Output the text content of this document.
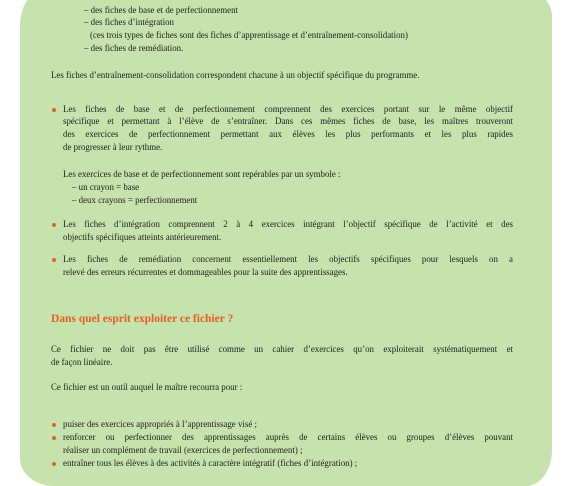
– des fiches de base et de perfectionnement
– des fiches d’intégration
(ces trois types de fiches sont des fiches d’apprentissage et d’entraînement-consolidation)
– des fiches de remédiation.
Les fiches d’entraînement-consolidation correspondent chacune à un objectif spécifique du programme.
Les fiches de base et de perfectionnement comprennent des exercices portant sur le même objectif
spécifique et permettant à l’élève de s’entraîner. Dans ces mêmes fiches de base, les maîtres trouveront
des exercices de perfectionnement permettant aux élèves les plus performants et les plus rapides
de progresser à leur rythme.
Les exercices de base et de perfectionnement sont repérables par un symbole :
– un crayon = base
– deux crayons = perfectionnement
Les fiches d’intégration comprennent 2 à 4 exercices intégrant l’objectif spécifique de l’activité et des
objectifs spécifiques atteints antérieurement.
Les fiches de remédiation concernent essentiellement les objectifs spécifiques pour lesquels on a
relevé des erreurs récurrentes et dommageables pour la suite des apprentissages.
Dans quel esprit exploiter ce fichier ?
Ce fichier ne doit pas être utilisé comme un cahier d’exercices qu’on exploiterait systématiquement et
de façon linéaire.
Ce fichier est un outil auquel le maître recourra pour :
puiser des exercices appropriés à l’apprentissage visé ;
renforcer ou perfectionner des apprentissages auprès de certains élèves ou groupes d’élèves pouvant
réaliser un complément de travail (exercices de perfectionnement) ;
entraîner tous les élèves à des activités à caractère intégratif (fiches d’intégration) ;
